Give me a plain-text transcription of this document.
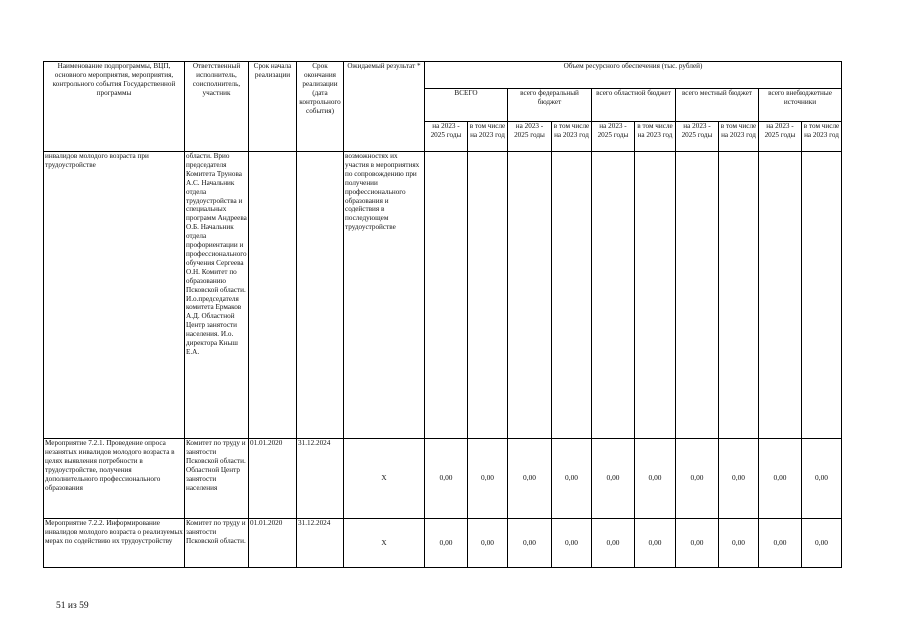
Наименование подпрограммы, ВЦП, основного мероприятия, мероприятия, контрольного события Государственной программы	Ответственный исполнитель, соисполнитель, участник	Срок начала реализации	Срок окончания реализации (дата контрольного события)	Ожидаемый результат *	Объем ресурсного обеспечения (тыс. рублей)									
					ВСЕГО		всего федеральный бюджет		всего областной бюджет		всего местный бюджет		всего внебюджетные источники	
					на 2023 - 2025 годы	в том числе на 2023 год	на 2023 - 2025 годы	в том числе на 2023 год	на 2023 - 2025 годы	в том числе на 2023 год	на 2023 - 2025 годы	в том числе на 2023 год	на 2023 - 2025 годы	в том числе на 2023 год
инвалидов молодого возраста при трудоустройстве	области. Врио председателя Комитета Трунова А.С. Начальник отдела трудоустройства и специальных программ Андреева О.Б. Начальник отдела профориентации и профессионального обучения Сергеева О.Н. Комитет по образованию Псковской области. И.о.председателя комитета Ермаков А.Д. Областной Центр занятости населения. И.о. директора Кныш Е.А.			возможностях их участия в мероприятиях по сопровождению при получении профессионального образования и содействия в последующем трудоустройстве										
Мероприятие 7.2.1. Проведение опроса незанятых инвалидов молодого возраста в целях выявления потребности в трудоустройстве, получения дополнительного профессионального образования	Комитет по труду и занятости Псковской области. Областной Центр занятости населения	01.01.2020	31.12.2024	X	0,00	0,00	0,00	0,00	0,00	0,00	0,00	0,00	0,00	0,00
Мероприятие 7.2.2. Информирование инвалидов молодого возраста о реализуемых мерах по содействию их трудоустройству	Комитет по труду и занятости Псковской области.	01.01.2020	31.12.2024	X	0,00	0,00	0,00	0,00	0,00	0,00	0,00	0,00	0,00	0,00
51 из 59
